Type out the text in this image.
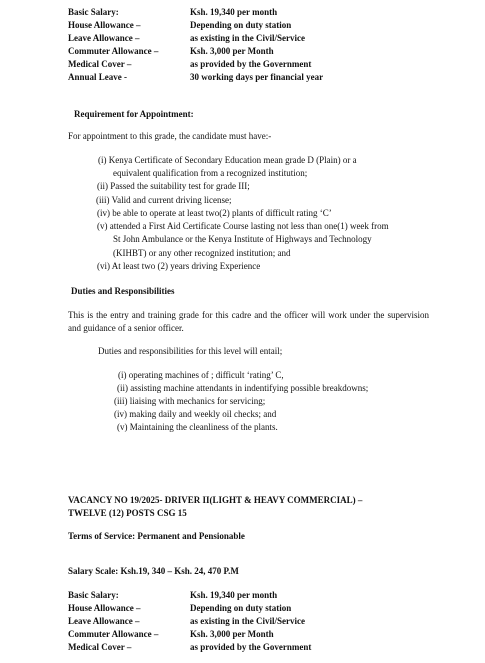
Basic Salary:	Ksh. 19,340 per month
House Allowance –	Depending on duty station
Leave Allowance –	as existing in the Civil/Service
Commuter Allowance –	Ksh. 3,000 per Month
Medical Cover –	as provided by the Government
Annual Leave -	30 working days per financial year
Requirement for Appointment:
For appointment to this grade, the candidate must have:-
(i) Kenya Certificate of Secondary Education mean grade D (Plain) or a
equivalent qualification from a recognized institution;
(ii) Passed the suitability test for grade III;
(iii) Valid and current driving license;
(iv) be able to operate at least two(2) plants of difficult rating ‘C’
(v) attended a First Aid Certificate Course lasting not less than one(1) week from
St John Ambulance or the Kenya Institute of Highways and Technology
(KIHBT) or any other recognized institution; and
(vi) At least two (2) years driving Experience
Duties and Responsibilities
This is the entry and training grade for this cadre and the officer will work under the supervision and guidance of a senior officer.
Duties and responsibilities for this level will entail;
(i) operating machines of ; difficult ‘rating’ C,
(ii) assisting machine attendants in indentifying possible breakdowns;
(iii) liaising with mechanics for servicing;
(iv) making daily and weekly oil checks; and
(v) Maintaining the cleanliness of the plants.
VACANCY NO 19/2025- DRIVER II(LIGHT & HEAVY COMMERCIAL) –
TWELVE (12) POSTS CSG 15
Terms of Service: Permanent and Pensionable
Salary Scale: Ksh.19, 340 – Ksh. 24, 470 P.M
Basic Salary:	Ksh. 19,340 per month
House Allowance –	Depending on duty station
Leave Allowance –	as existing in the Civil/Service
Commuter Allowance –	Ksh. 3,000 per Month
Medical Cover –	as provided by the Government
